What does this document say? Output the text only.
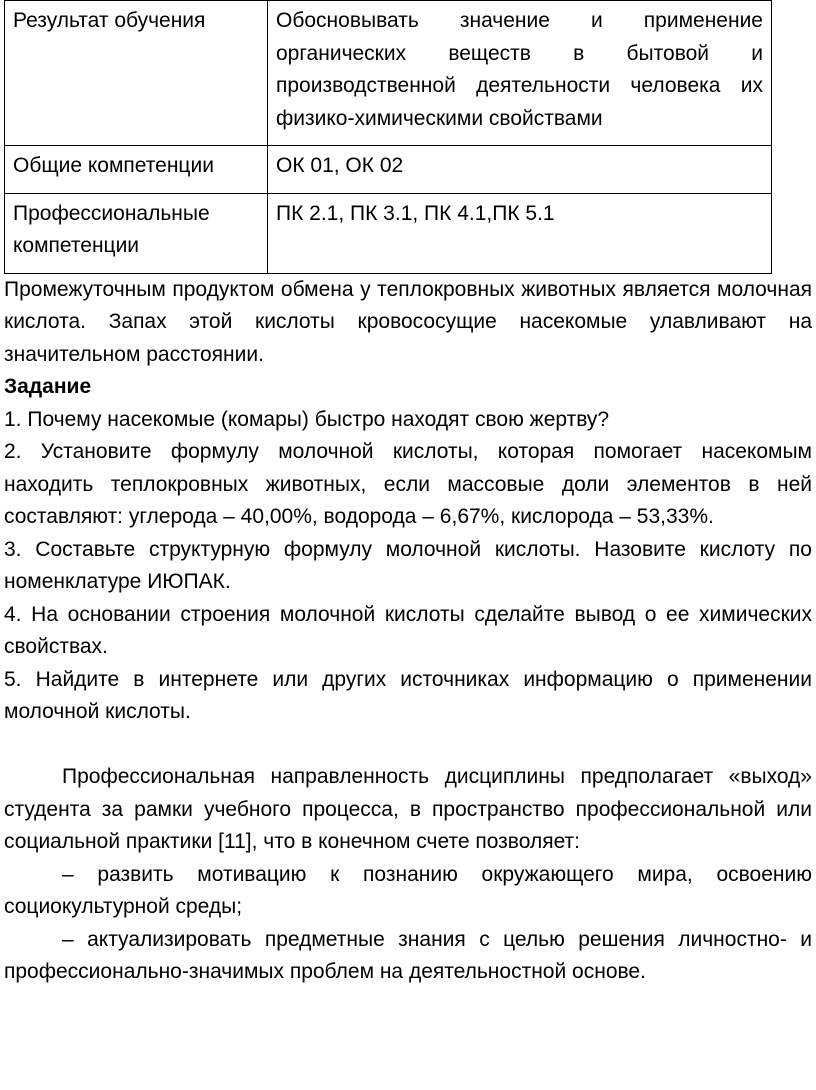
Результат обучения	Обосновывать значение и применение органических веществ в бытовой и производственной деятельности человека их физико-химическими свойствами
Общие компетенции	ОК 01, ОК 02
Профессиональные компетенции	ПК 2.1, ПК 3.1, ПК 4.1,ПК 5.1

Промежуточным продуктом обмена у теплокровных животных является молочная кислота. Запах этой кислоты кровососущие насекомые улавливают на значительном расстоянии.

Задание

1. Почему насекомые (комары) быстро находят свою жертву?

2. Установите формулу молочной кислоты, которая помогает насекомым находить теплокровных животных, если массовые доли элементов в ней составляют: углерода – 40,00%, водорода – 6,67%, кислорода – 53,33%.

3. Составьте структурную формулу молочной кислоты. Назовите кислоту по номенклатуре ИЮПАК.

4. На основании строения молочной кислоты сделайте вывод о ее химических свойствах.

5. Найдите в интернете или других источниках информацию о применении молочной кислоты.

Профессиональная направленность дисциплины предполагает «выход» студента за рамки учебного процесса, в пространство профессиональной или социальной практики [11], что в конечном счете позволяет:

– развить мотивацию к познанию окружающего мира, освоению социокультурной среды;

– актуализировать предметные знания с целью решения личностно- и профессионально-значимых проблем на деятельностной основе.
